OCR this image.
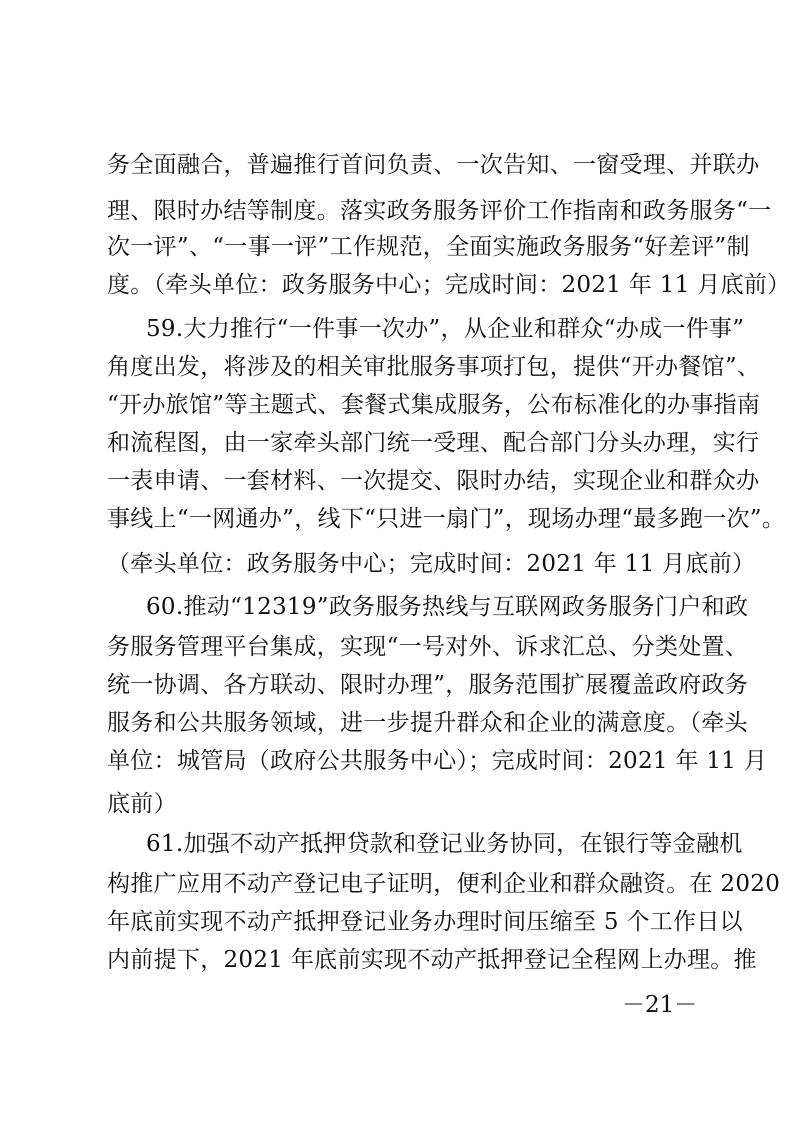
务全面融合，普遍推行首问负责、一次告知、一窗受理、并联办
理、限时办结等制度。落实政务服务评价工作指南和政务服务“一
次一评”、“一事一评”工作规范，全面实施政务服务“好差评”制
度。（牵头单位：政务服务中心；完成时间：2021 年 11 月底前）
59.大力推行“一件事一次办”，从企业和群众“办成一件事”
角度出发，将涉及的相关审批服务事项打包，提供“开办餐馆”、
“开办旅馆”等主题式、套餐式集成服务，公布标准化的办事指南
和流程图，由一家牵头部门统一受理、配合部门分头办理，实行
一表申请、一套材料、一次提交、限时办结，实现企业和群众办
事线上“一网通办”，线下“只进一扇门”，现场办理“最多跑一次”。
（牵头单位：政务服务中心；完成时间：2021 年 11 月底前）
60.推动“12319”政务服务热线与互联网政务服务门户和政
务服务管理平台集成，实现“一号对外、诉求汇总、分类处置、
统一协调、各方联动、限时办理”，服务范围扩展覆盖政府政务
服务和公共服务领域，进一步提升群众和企业的满意度。（牵头
单位：城管局（政府公共服务中心）；完成时间：2021 年 11 月
底前）
61.加强不动产抵押贷款和登记业务协同，在银行等金融机
构推广应用不动产登记电子证明，便利企业和群众融资。在 2020
年底前实现不动产抵押登记业务办理时间压缩至 5 个工作日以
内前提下，2021 年底前实现不动产抵押登记全程网上办理。推
－21－
